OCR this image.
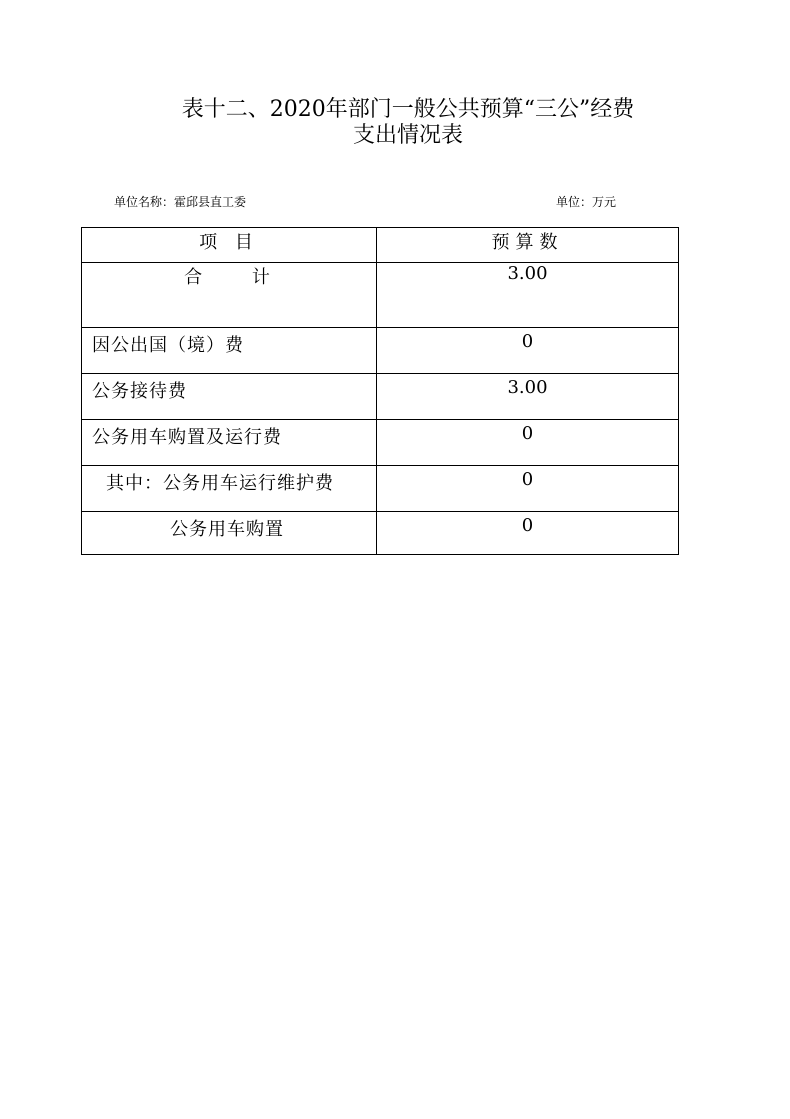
表十二、2020年部门一般公共预算“三公”经费
支出情况表
单位名称：霍邱县直工委	单位：万元
项 目	预算数
合 计	3.00

因公出国（境）费	0

公务接待费	3.00

公务用车购置及运行费	0

其中：公务用车运行维护费	0

公务用车购置	0
